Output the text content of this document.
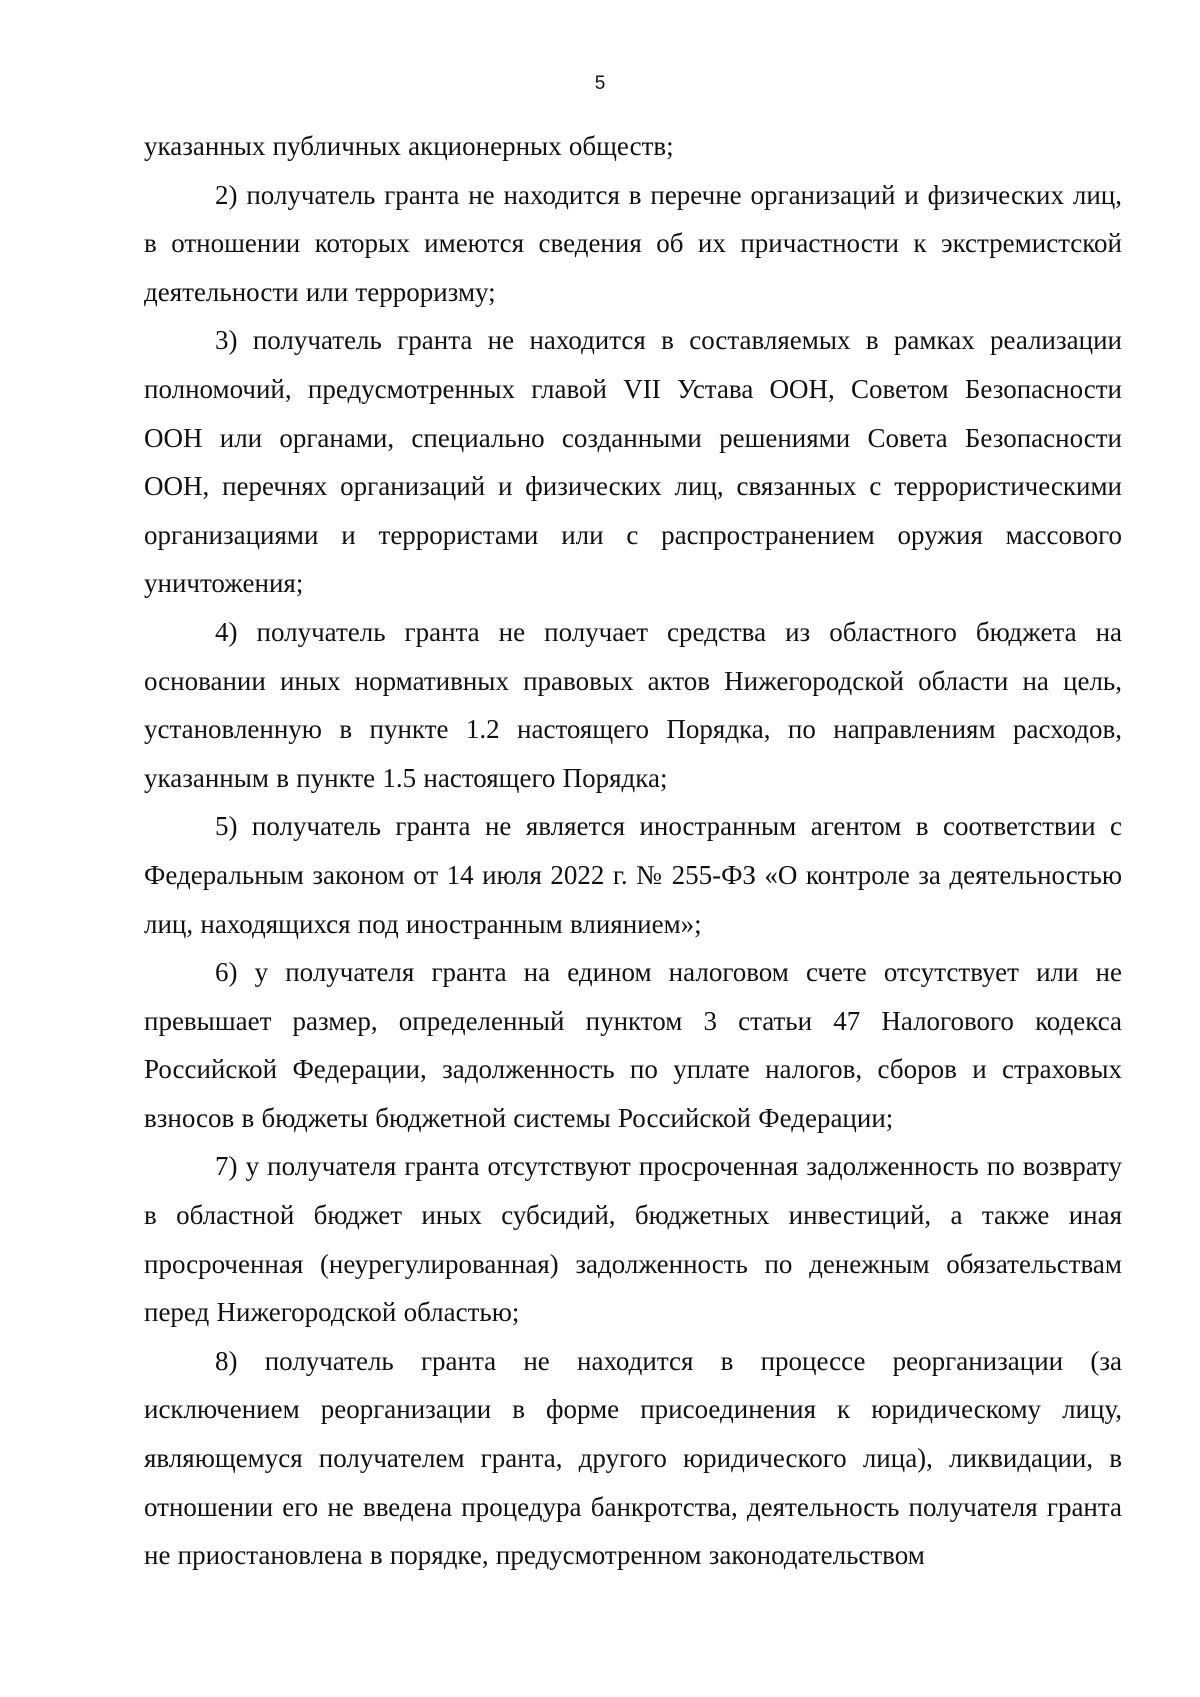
5

указанных публичных акционерных обществ;

2) получатель гранта не находится в перечне организаций и физических лиц, в отношении которых имеются сведения об их причастности к экстремистской деятельности или терроризму;

3) получатель гранта не находится в составляемых в рамках реализации полномочий, предусмотренных главой VII Устава ООН, Советом Безопасности ООН или органами, специально созданными решениями Совета Безопасности ООН, перечнях организаций и физических лиц, связанных с террористическими организациями и террористами или с распространением оружия массового уничтожения;

4) получатель гранта не получает средства из областного бюджета на основании иных нормативных правовых актов Нижегородской области на цель, установленную в пункте 1.2 настоящего Порядка, по направлениям расходов, указанным в пункте 1.5 настоящего Порядка;

5) получатель гранта не является иностранным агентом в соответствии с Федеральным законом от 14 июля 2022 г. № 255-ФЗ «О контроле за деятельностью лиц, находящихся под иностранным влиянием»;

6) у получателя гранта на едином налоговом счете отсутствует или не превышает размер, определенный пунктом 3 статьи 47 Налогового кодекса Российской Федерации, задолженность по уплате налогов, сборов и страховых взносов в бюджеты бюджетной системы Российской Федерации;

7) у получателя гранта отсутствуют просроченная задолженность по возврату в областной бюджет иных субсидий, бюджетных инвестиций, а также иная просроченная (неурегулированная) задолженность по денежным обязательствам перед Нижегородской областью;

8) получатель гранта не находится в процессе реорганизации (за исключением реорганизации в форме присоединения к юридическому лицу, являющемуся получателем гранта, другого юридического лица), ликвидации, в отношении его не введена процедура банкротства, деятельность получателя гранта не приостановлена в порядке, предусмотренном законодательством
